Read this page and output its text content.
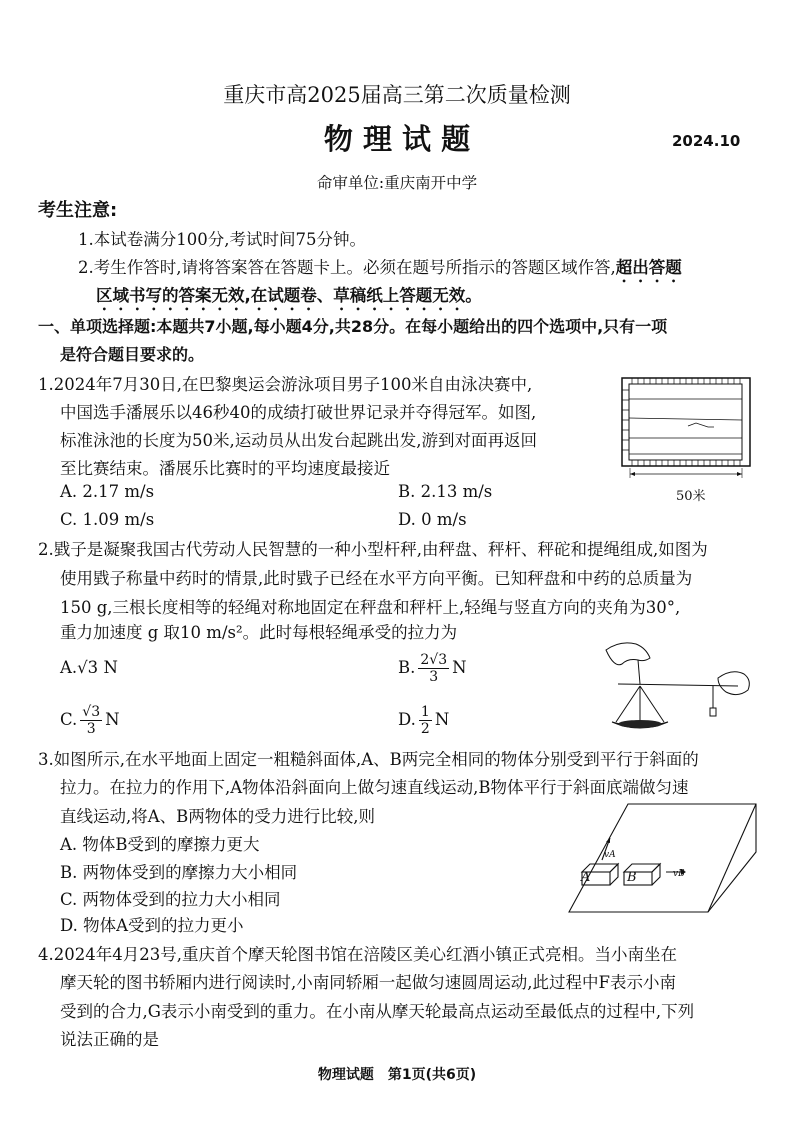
重庆市高2025届高三第二次质量检测
物 理 试 题	2024.10
命审单位:重庆南开中学
考生注意:
1.本试卷满分100分,考试时间75分钟。
2.考生作答时,请将答案答在答题卡上。必须在题号所指示的答题区域作答,超出答题
区域书写的答案无效,在试题卷、草稿纸上答题无效。
一、单项选择题:本题共7小题,每小题4分,共28分。在每小题给出的四个选项中,只有一项
是符合题目要求的。
1.2024年7月30日,在巴黎奥运会游泳项目男子100米自由泳决赛中,
中国选手潘展乐以46秒40的成绩打破世界记录并夺得冠军。如图,
标准泳池的长度为50米,运动员从出发台起跳出发,游到对面再返回
至比赛结束。潘展乐比赛时的平均速度最接近
A. 2.17 m/s	B. 2.13 m/s
C. 1.09 m/s	D. 0 m/s
50米
2.戥子是凝聚我国古代劳动人民智慧的一种小型杆秤,由秤盘、秤杆、秤砣和提绳组成,如图为
使用戥子称量中药时的情景,此时戥子已经在水平方向平衡。已知秤盘和中药的总质量为
150 g,三根长度相等的轻绳对称地固定在秤盘和秤杆上,轻绳与竖直方向的夹角为30°,
重力加速度 g 取10 m/s²。此时每根轻绳承受的拉力为
A.√3 N	B. $\frac{2√3}{3}$ N
C. $\frac{√3}{3}$ N	D. $\frac{1}{2}$ N
3.如图所示,在水平地面上固定一粗糙斜面体,A、B两完全相同的物体分别受到平行于斜面的
拉力。在拉力的作用下,A物体沿斜面向上做匀速直线运动,B物体平行于斜面底端做匀速
直线运动,将A、B两物体的受力进行比较,则
A. 物体B受到的摩擦力更大
B. 两物体受到的摩擦力大小相同
C. 两物体受到的拉力大小相同
D. 物体A受到的拉力更小
A	B
vA
vB
4.2024年4月23号,重庆首个摩天轮图书馆在涪陵区美心红酒小镇正式亮相。当小南坐在
摩天轮的图书轿厢内进行阅读时,小南同轿厢一起做匀速圆周运动,此过程中F表示小南
受到的合力,G表示小南受到的重力。在小南从摩天轮最高点运动至最低点的过程中,下列
说法正确的是
物理试题　第1页(共6页)
